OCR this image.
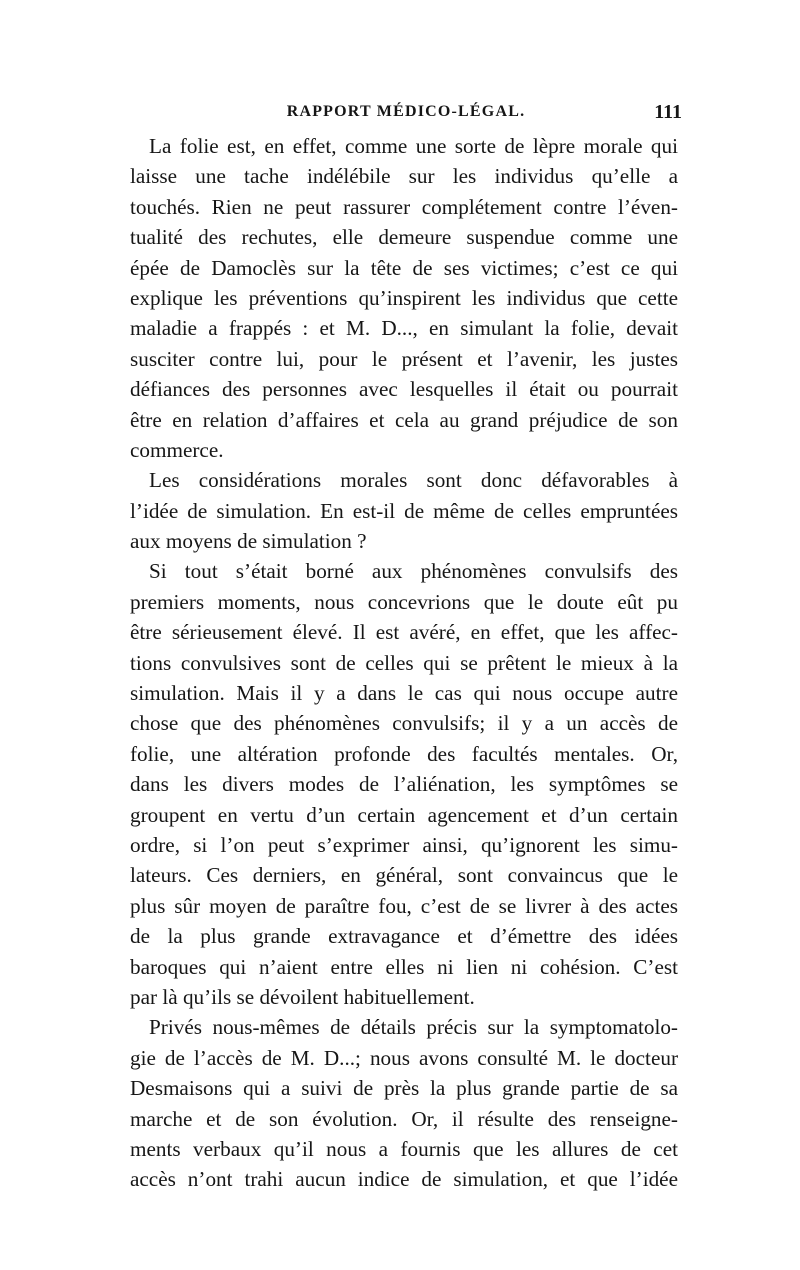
RAPPORT MÉDICO-LÉGAL.	111
La folie est, en effet, comme une sorte de lèpre morale qui
laisse une tache indélébile sur les individus qu’elle a
touchés. Rien ne peut rassurer complétement contre l’éven-
tualité des rechutes, elle demeure suspendue comme une
épée de Damoclès sur la tête de ses victimes; c’est ce qui
explique les préventions qu’inspirent les individus que cette
maladie a frappés : et M. D..., en simulant la folie, devait
susciter contre lui, pour le présent et l’avenir, les justes
défiances des personnes avec lesquelles il était ou pourrait
être en relation d’affaires et cela au grand préjudice de son
commerce.
Les considérations morales sont donc défavorables à
l’idée de simulation. En est-il de même de celles empruntées
aux moyens de simulation ?
Si tout s’était borné aux phénomènes convulsifs des
premiers moments, nous concevrions que le doute eût pu
être sérieusement élevé. Il est avéré, en effet, que les affec-
tions convulsives sont de celles qui se prêtent le mieux à la
simulation. Mais il y a dans le cas qui nous occupe autre
chose que des phénomènes convulsifs; il y a un accès de
folie, une altération profonde des facultés mentales. Or,
dans les divers modes de l’aliénation, les symptômes se
groupent en vertu d’un certain agencement et d’un certain
ordre, si l’on peut s’exprimer ainsi, qu’ignorent les simu-
lateurs. Ces derniers, en général, sont convaincus que le
plus sûr moyen de paraître fou, c’est de se livrer à des actes
de la plus grande extravagance et d’émettre des idées
baroques qui n’aient entre elles ni lien ni cohésion. C’est
par là qu’ils se dévoilent habituellement.
Privés nous-mêmes de détails précis sur la symptomatolo-
gie de l’accès de M. D...; nous avons consulté M. le docteur
Desmaisons qui a suivi de près la plus grande partie de sa
marche et de son évolution. Or, il résulte des renseigne-
ments verbaux qu’il nous a fournis que les allures de cet
accès n’ont trahi aucun indice de simulation, et que l’idée
